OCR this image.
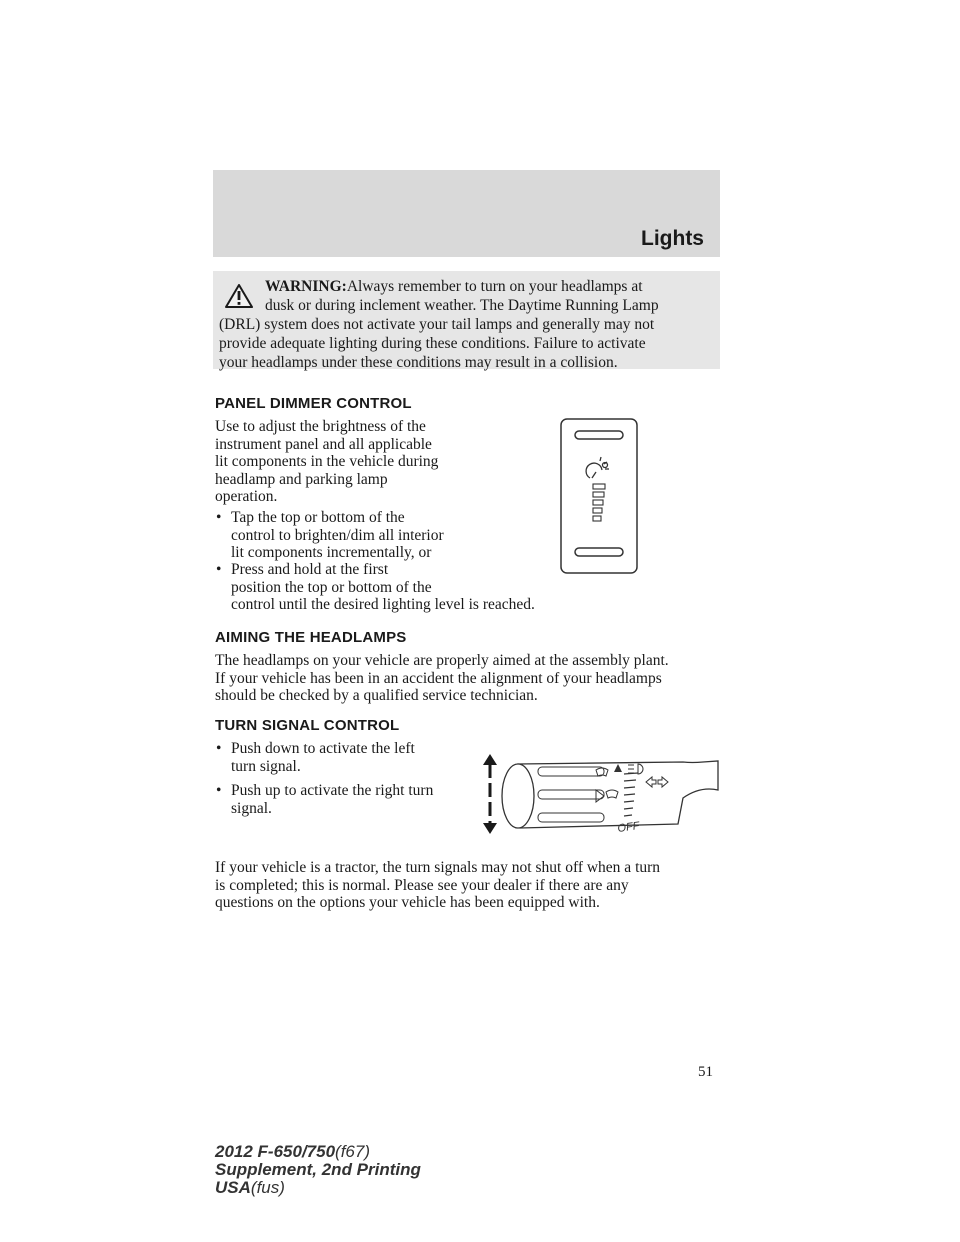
Lights
WARNING:Always remember to turn on your headlamps at
dusk or during inclement weather. The Daytime Running Lamp
(DRL) system does not activate your tail lamps and generally may not
provide adequate lighting during these conditions. Failure to activate
your headlamps under these conditions may result in a collision.
PANEL DIMMER CONTROL
Use to adjust the brightness of the
instrument panel and all applicable
lit components in the vehicle during
headlamp and parking lamp
operation.
• Tap the top or bottom of the
control to brighten/dim all interior
lit components incrementally, or
• Press and hold at the first
position the top or bottom of the
control until the desired lighting level is reached.
AIMING THE HEADLAMPS
The headlamps on your vehicle are properly aimed at the assembly plant.
If your vehicle has been in an accident the alignment of your headlamps
should be checked by a qualified service technician.
TURN SIGNAL CONTROL
• Push down to activate the left
turn signal.
• Push up to activate the right turn
signal.
OFF
If your vehicle is a tractor, the turn signals may not shut off when a turn
is completed; this is normal. Please see your dealer if there are any
questions on the options your vehicle has been equipped with.
51
2012 F-650/750(f67)
Supplement, 2nd Printing
USA(fus)
